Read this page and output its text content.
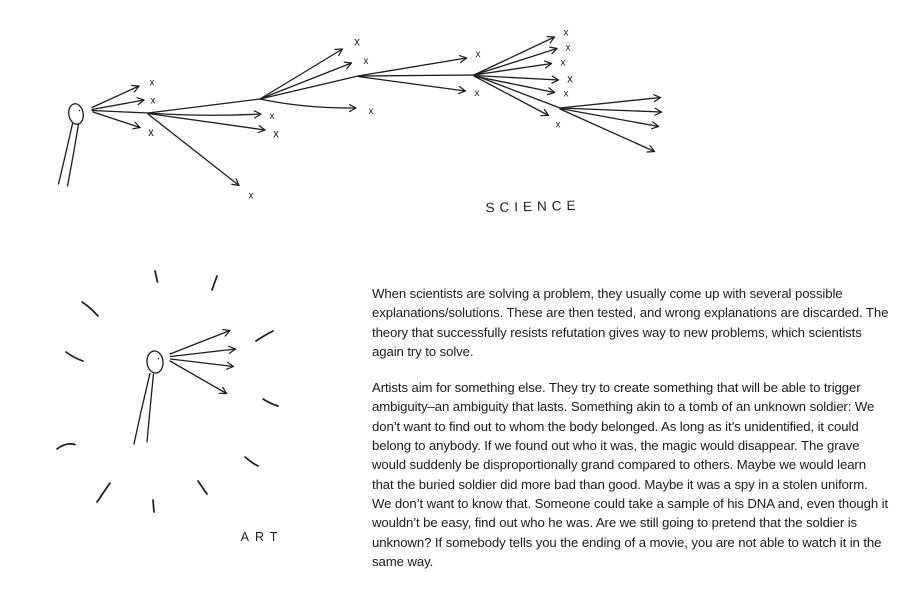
x
x
x
x
x
x
x
x
x
x
x
x
x
x
x
x
x
SCIENCE
ART

When scientists are solving a problem, they usually come up with several possible explanations/solutions. These are then tested, and wrong explanations are discarded. The theory that successfully resists refutation gives way to new problems, which scientists again try to solve.

Artists aim for something else. They try to create something that will be able to trigger ambiguity–an ambiguity that lasts. Something akin to a tomb of an unknown soldier: We don’t want to find out to whom the body belonged. As long as it’s unidentified, it could belong to anybody. If we found out who it was, the magic would disappear. The grave would suddenly be disproportionally grand compared to others. Maybe we would learn that the buried soldier did more bad than good. Maybe it was a spy in a stolen uniform. We don’t want to know that. Someone could take a sample of his DNA and, even though it wouldn’t be easy, find out who he was. Are we still going to pretend that the soldier is unknown? If somebody tells you the ending of a movie, you are not able to watch it in the same way.
